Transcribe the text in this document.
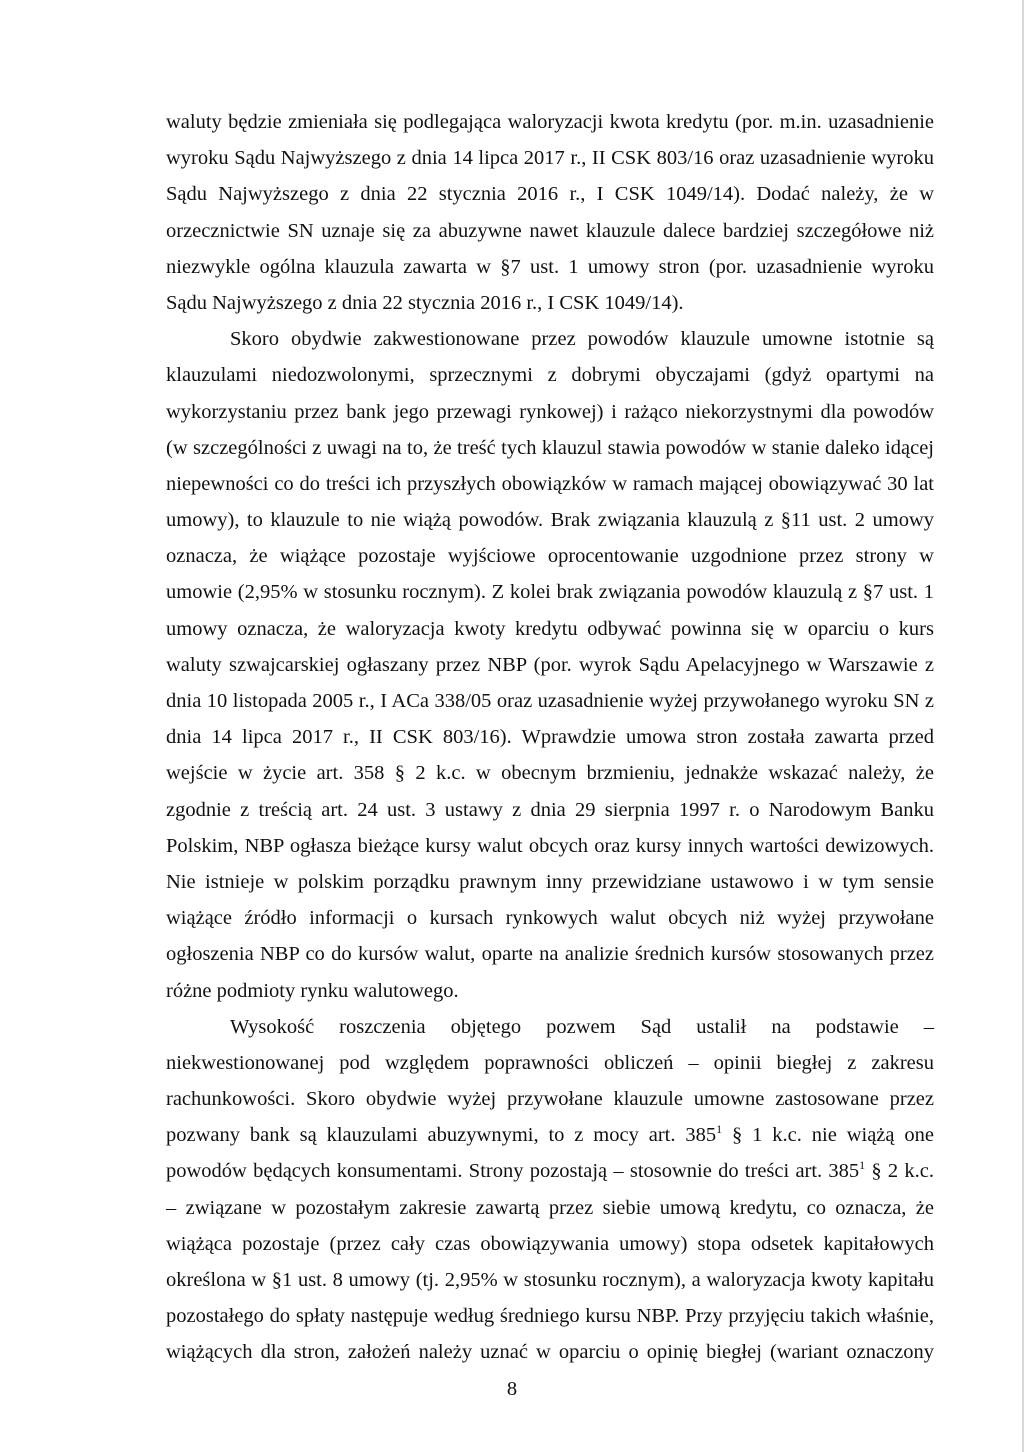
waluty będzie zmieniała się podlegająca waloryzacji kwota kredytu (por. m.in. uzasadnienie
wyroku Sądu Najwyższego z dnia 14 lipca 2017 r., II CSK 803/16 oraz uzasadnienie wyroku
Sądu Najwyższego z dnia 22 stycznia 2016 r., I CSK 1049/14). Dodać należy, że w
orzecznictwie SN uznaje się za abuzywne nawet klauzule dalece bardziej szczegółowe niż
niezwykle ogólna klauzula zawarta w §7 ust. 1 umowy stron (por. uzasadnienie wyroku
Sądu Najwyższego z dnia 22 stycznia 2016 r., I CSK 1049/14).
Skoro obydwie zakwestionowane przez powodów klauzule umowne istotnie są
klauzulami niedozwolonymi, sprzecznymi z dobrymi obyczajami (gdyż opartymi na
wykorzystaniu przez bank jego przewagi rynkowej) i rażąco niekorzystnymi dla powodów
(w szczególności z uwagi na to, że treść tych klauzul stawia powodów w stanie daleko idącej
niepewności co do treści ich przyszłych obowiązków w ramach mającej obowiązywać 30 lat
umowy), to klauzule to nie wiążą powodów. Brak związania klauzulą z §11 ust. 2 umowy
oznacza, że wiążące pozostaje wyjściowe oprocentowanie uzgodnione przez strony w
umowie (2,95% w stosunku rocznym). Z kolei brak związania powodów klauzulą z §7 ust. 1
umowy oznacza, że waloryzacja kwoty kredytu odbywać powinna się w oparciu o kurs
waluty szwajcarskiej ogłaszany przez NBP (por. wyrok Sądu Apelacyjnego w Warszawie z
dnia 10 listopada 2005 r., I ACa 338/05 oraz uzasadnienie wyżej przywołanego wyroku SN z
dnia 14 lipca 2017 r., II CSK 803/16). Wprawdzie umowa stron została zawarta przed
wejście w życie art. 358 § 2 k.c. w obecnym brzmieniu, jednakże wskazać należy, że
zgodnie z treścią art. 24 ust. 3 ustawy z dnia 29 sierpnia 1997 r. o Narodowym Banku
Polskim, NBP ogłasza bieżące kursy walut obcych oraz kursy innych wartości dewizowych.
Nie istnieje w polskim porządku prawnym inny przewidziane ustawowo i w tym sensie
wiążące źródło informacji o kursach rynkowych walut obcych niż wyżej przywołane
ogłoszenia NBP co do kursów walut, oparte na analizie średnich kursów stosowanych przez
różne podmioty rynku walutowego.
Wysokość roszczenia objętego pozwem Sąd ustalił na podstawie –
niekwestionowanej pod względem poprawności obliczeń – opinii biegłej z zakresu
rachunkowości. Skoro obydwie wyżej przywołane klauzule umowne zastosowane przez
pozwany bank są klauzulami abuzywnymi, to z mocy art. $385^1$ § 1 k.c. nie wiążą one
powodów będących konsumentami. Strony pozostają – stosownie do treści art. $385^1$ § 2 k.c.
– związane w pozostałym zakresie zawartą przez siebie umową kredytu, co oznacza, że
wiążąca pozostaje (przez cały czas obowiązywania umowy) stopa odsetek kapitałowych
określona w §1 ust. 8 umowy (tj. 2,95% w stosunku rocznym), a waloryzacja kwoty kapitału
pozostałego do spłaty następuje według średniego kursu NBP. Przy przyjęciu takich właśnie,
wiążących dla stron, założeń należy uznać w oparciu o opinię biegłej (wariant oznaczony
8
